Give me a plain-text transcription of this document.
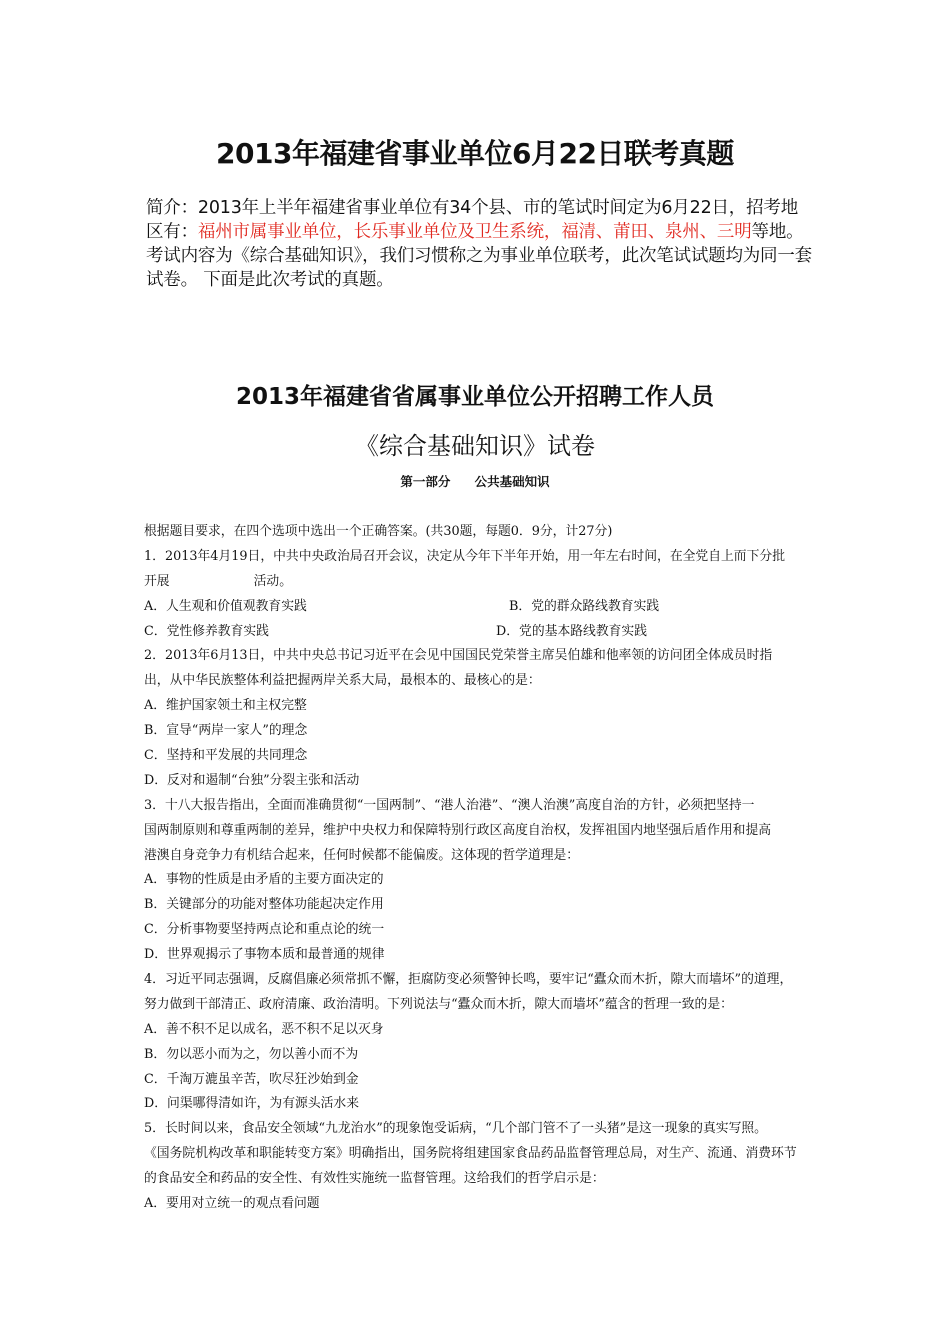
2013年福建省事业单位6月22日联考真题
简介：2013年上半年福建省事业单位有34个县、市的笔试时间定为6月22日，招考地区有：福州市属事业单位，长乐事业单位及卫生系统，福清、莆田、泉州、三明等地。考试内容为《综合基础知识》，我们习惯称之为事业单位联考，此次笔试试题均为同一套试卷。 下面是此次考试的真题。
2013年福建省省属事业单位公开招聘工作人员
《综合基础知识》试卷
第一部分 公共基础知识
根据题目要求，在四个选项中选出一个正确答案。(共30题，每题0．9分，计27分)
1．2013年4月19日，中共中央政治局召开会议，决定从今年下半年开始，用一年左右时间，在全党自上而下分批
开展	活动。
A．人生观和价值观教育实践	B．党的群众路线教育实践
C．党性修养教育实践	D．党的基本路线教育实践
2．2013年6月13日，中共中央总书记习近平在会见中国国民党荣誉主席吴伯雄和他率领的访问团全体成员时指
出，从中华民族整体利益把握两岸关系大局，最根本的、最核心的是：
A．维护国家领土和主权完整
B．宣导“两岸一家人”的理念
C．坚持和平发展的共同理念
D．反对和遏制“台独”分裂主张和活动
3．十八大报告指出，全面而准确贯彻“一国两制”、“港人治港”、“澳人治澳”高度自治的方针，必须把坚持一
国两制原则和尊重两制的差异，维护中央权力和保障特别行政区高度自治权，发挥祖国内地坚强后盾作用和提高
港澳自身竞争力有机结合起来，任何时候都不能偏废。这体现的哲学道理是：
A．事物的性质是由矛盾的主要方面决定的
B．关键部分的功能对整体功能起决定作用
C．分析事物要坚持两点论和重点论的统一
D．世界观揭示了事物本质和最普通的规律
4．习近平同志强调，反腐倡廉必须常抓不懈，拒腐防变必须警钟长鸣，要牢记“蠹众而木折，隙大而墙坏”的道理，
努力做到干部清正、政府清廉、政治清明。下列说法与“蠹众而木折，隙大而墙坏”蕴含的哲理一致的是：
A．善不积不足以成名，恶不积不足以灭身
B．勿以恶小而为之，勿以善小而不为
C．千淘万漉虽辛苦，吹尽狂沙始到金
D．问渠哪得清如许，为有源头活水来
5．长时间以来，食品安全领域“九龙治水”的现象饱受诟病，“几个部门管不了一头猪”是这一现象的真实写照。
《国务院机构改革和职能转变方案》明确指出，国务院将组建国家食品药品监督管理总局，对生产、流通、消费环节
的食品安全和药品的安全性、有效性实施统一监督管理。这给我们的哲学启示是：
A．要用对立统一的观点看问题
